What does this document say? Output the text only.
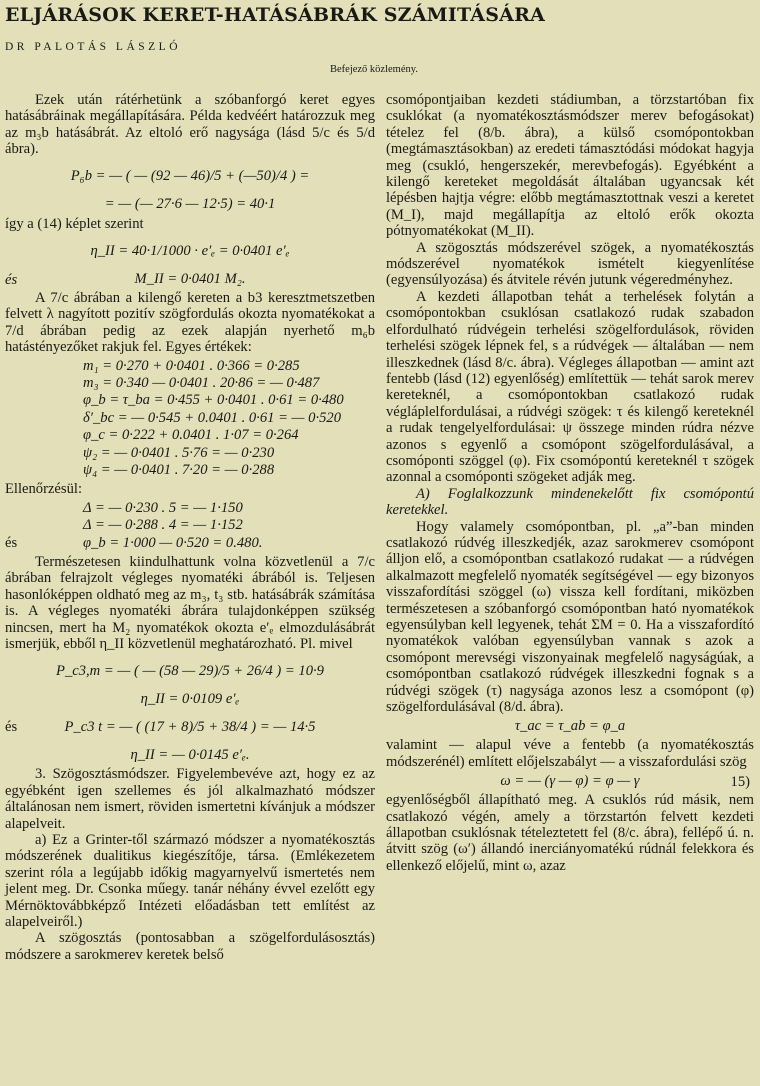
ELJÁRÁSOK KERET-HATÁSÁBRÁK SZÁMITÁSÁRA
DR PALOTÁS LÁSZLÓ
Befejező közlemény.

Ezek után rátérhetünk a szóbanforgó keret egyes hatásábráinak megállapítására. Példa kedvéért határozzuk meg az m₃b hatásábrát. Az eltoló erő nagysága (lásd 5/c és 5/d ábra).

P₆b = — ( — (92 — 46)/5 + (—50)/4 ) =
= — (— 27·6 — 12·5) = 40·1

így a (14) képlet szerint

η_II = 40·1/1000 · e′ₑ = 0·0401 e′ₑ
és	M_II = 0·0401 M₂.

A 7/c ábrában a kilengő kereten a b3 keresztmetszetben felvett λ nagyított pozitív szögfordulás okozta nyomatékokat a 7/d ábrában pedig az ezek alapján nyerhető m₆b hatástényezőket rakjuk fel. Egyes értékek:

m₁ = 0·270 + 0·0401 . 0·366 = 0·285
m₃ = 0·340 — 0·0401 . 20·86 = — 0·487
φ_b = τ_ba = 0·455 + 0·0401 . 0·61 = 0·480
δ′_bc = — 0·545 + 0.0401 . 0·61 = — 0·520
φ_c = 0·222 + 0.0401 . 1·07 = 0·264
ψ₂ = — 0·0401 . 5·76 = — 0·230
ψ₄ = — 0·0401 . 7·20 = — 0·288
Ellenőrzésül:
Δ = — 0·230 . 5 = — 1·150
Δ = — 0·288 . 4 = — 1·152
és	φ_b = 1·000 — 0·520 = 0.480.

Természetesen kiindulhattunk volna közvetlenül a 7/c ábrában felrajzolt végleges nyomatéki ábrából is. Teljesen hasonlóképpen oldható meg az m₃, t₃ stb. hatásábrák számítása is. A végleges nyomatéki ábrára tulajdonképpen szükség nincsen, mert ha M₂ nyomatékok okozta e′ₑ elmozdulásábrát ismerjük, ebből η_II közvetlenül meghatározható. Pl. mivel

P_c3,m = — ( — (58 — 29)/5 + 26/4 ) = 10·9
η_II = 0·0109 e′ₑ
és	P_c3 t = — ( (17 + 8)/5 + 38/4 ) = — 14·5
η_II = — 0·0145 e′ₑ.

3. Szögosztásmódszer. Figyelembevéve azt, hogy ez az egyébként igen szellemes és jól alkalmazható módszer általánosan nem ismert, röviden ismertetni kívánjuk a módszer alapelveit.

a) Ez a Grinter-től származó módszer a nyomatékosztás módszerének dualitikus kiegészítője, társa. (Emlékezetem szerint róla a legújabb időkig magyarnyelvű ismertetés nem jelent meg. Dr. Csonka műegy. tanár néhány évvel ezelőtt egy Mérnöktovábbképző Intézeti előadásban tett említést az alapelveiről.)

A szögosztás (pontosabban a szögelfordulásosztás) módszere a sarokmerev keretek belső

csomópontjaiban kezdeti stádiumban, a törzstartóban fix csuklókat (a nyomatékosztásmódszer merev befogásokat) tételez fel (8/b. ábra), a külső csomópontokban (megtámasztásokban) az eredeti támasztódási módokat hagyja meg (csukló, hengerszekér, merevbefogás). Egyébként a kilengő kereteket megoldását általában ugyancsak két lépésben hajtja végre: előbb megtámasztottnak veszi a keretet (M_I), majd megállapítja az eltoló erők okozta pótnyomatékokat (M_II).

A szögosztás módszerével szögek, a nyomatékosztás módszerével nyomatékok ismételt kiegyenlítése (egyensúlyozása) és átvitele révén jutunk végeredményhez.

A kezdeti állapotban tehát a terhelések folytán a csomópontokban csuklósan csatlakozó rudak szabadon elfordulható rúdvégein terhelési szögelfordulások, röviden terhelési szögek lépnek fel, s a rúdvégek — általában — nem illeszkednek (lásd 8/c. ábra). Végleges állapotban — amint azt fentebb (lásd (12) egyenlőség) említettük — tehát sarok merev kereteknél, a csomópontokban csatlakozó rudak végláplelfordulásai, a rúdvégi szögek: τ és kilengő kereteknél a rudak tengelyelfordulásai: ψ összege minden rúdra nézve azonos s egyenlő a csomópont szögelfordulásával, a csomóponti szöggel (φ). Fix csomópontú kereteknél τ szögek azonnal a csomóponti szögeket adják meg.

A) Foglalkozzunk mindenekelőtt fix csomópontú keretekkel.

Hogy valamely csomópontban, pl. „a”-ban minden csatlakozó rúdvég illeszkedjék, azaz sarokmerev csomópont álljon elő, a csomópontban csatlakozó rudakat — a rúdvégen alkalmazott megfelelő nyomaték segítségével — egy bizonyos visszafordítási szöggel (ω) vissza kell fordítani, miközben természetesen a szóbanforgó csomópontban ható nyomatékok egyensúlyban kell legyenek, tehát ΣM = 0. Ha a visszafordító nyomatékok valóban egyensúlyban vannak s azok a csomópont merevségi viszonyainak megfelelő nagyságúak, a csomópontban csatlakozó rúdvégek illeszkedni fognak s a rúdvégi szögek (τ) nagysága azonos lesz a csomópont (φ) szögelfordulásával (8/d. ábra).

τ_ac = τ_ab = φ_a

valamint — alapul véve a fentebb (a nyomatékosztás módszerénél) említett előjelszabályt — a visszafordulási szög

ω = — (γ — φ) = φ — γ	15)

egyenlőségből állapítható meg. A csuklós rúd másik, nem csatlakozó végén, amely a törzstartón felvett kezdeti állapotban csuklósnak tételeztetett fel (8/c. ábra), fellépő ú. n. átvitt szög (ω′) állandó inerciányomatékú rúdnál felekkora és ellenkező előjelű, mint ω, azaz
